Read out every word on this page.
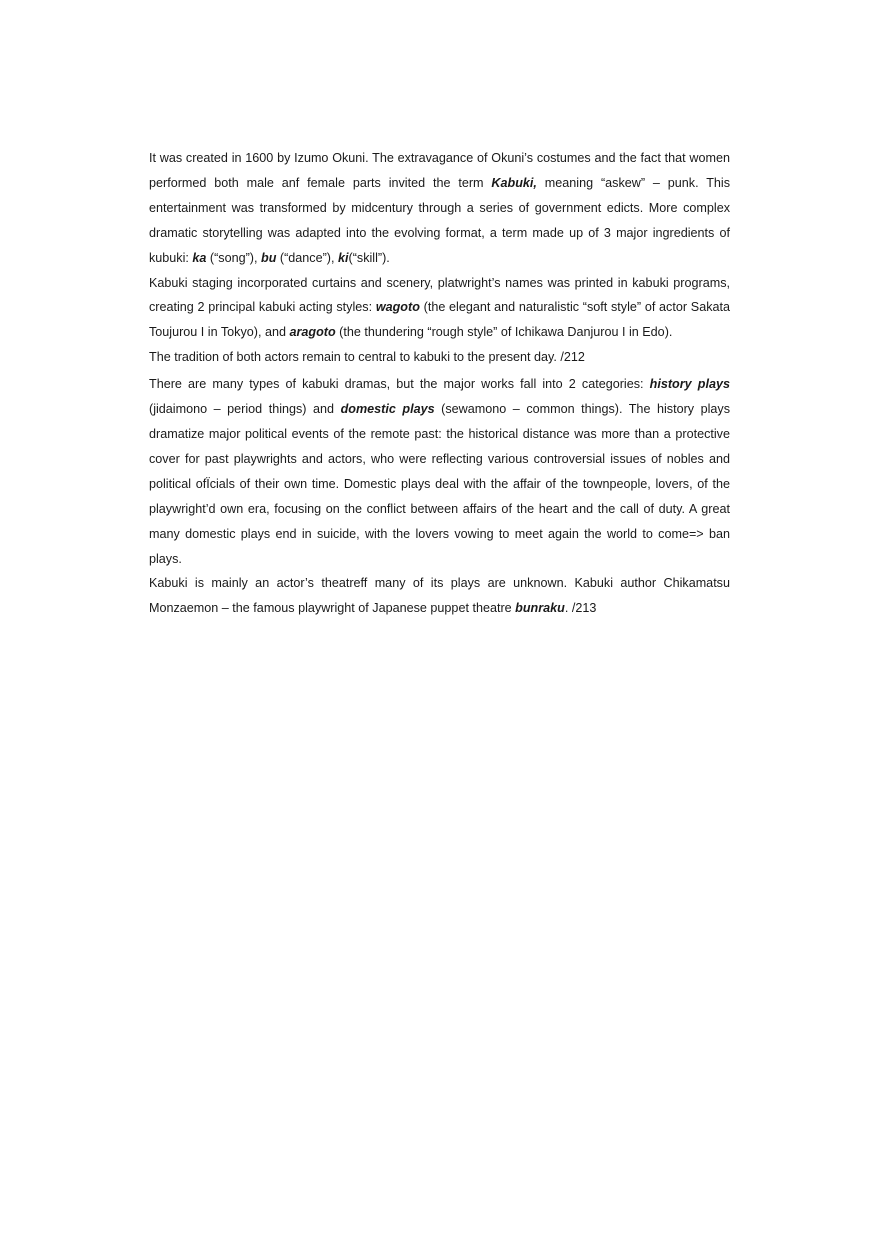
It was created in 1600 by Izumo Okuni. The extravagance of Okuni’s costumes and the fact that women performed both male anf female parts invited the term Kabuki, meaning “askew” – punk. This entertainment was transformed by midcentury through a series of government edicts. More complex dramatic storytelling was adapted into the evolving format, a term made up of 3 major ingredients of kubuki: ka (“song”), bu (“dance”), ki(“skill”).

Kabuki staging incorporated curtains and scenery, platwright’s names was printed in kabuki programs, creating 2 principal kabuki acting styles: wagoto (the elegant and naturalistic “soft style” of actor Sakata Toujurou I in Tokyo), and aragoto (the thundering “rough style” of Ichikawa Danjurou I in Edo).

The tradition of both actors remain to central to kabuki to the present day. /212

There are many types of kabuki dramas, but the major works fall into 2 categories: history plays (jidaimono – period things) and domestic plays (sewamono – common things). The history plays dramatize major political events of the remote past: the historical distance was more than a protective cover for past playwrights and actors, who were reflecting various controversial issues of nobles and political ofÏcials of their own time. Domestic plays deal with the affair of the townpeople, lovers, of the playwright’d own era, focusing on the conflict between affairs of the heart and the call of duty. A great many domestic plays end in suicide, with the lovers vowing to meet again the world to come=> ban plays.

Kabuki is mainly an actor’s theatreff many of its plays are unknown. Kabuki author Chikamatsu Monzaemon – the famous playwright of Japanese puppet theatre bunraku. /213
